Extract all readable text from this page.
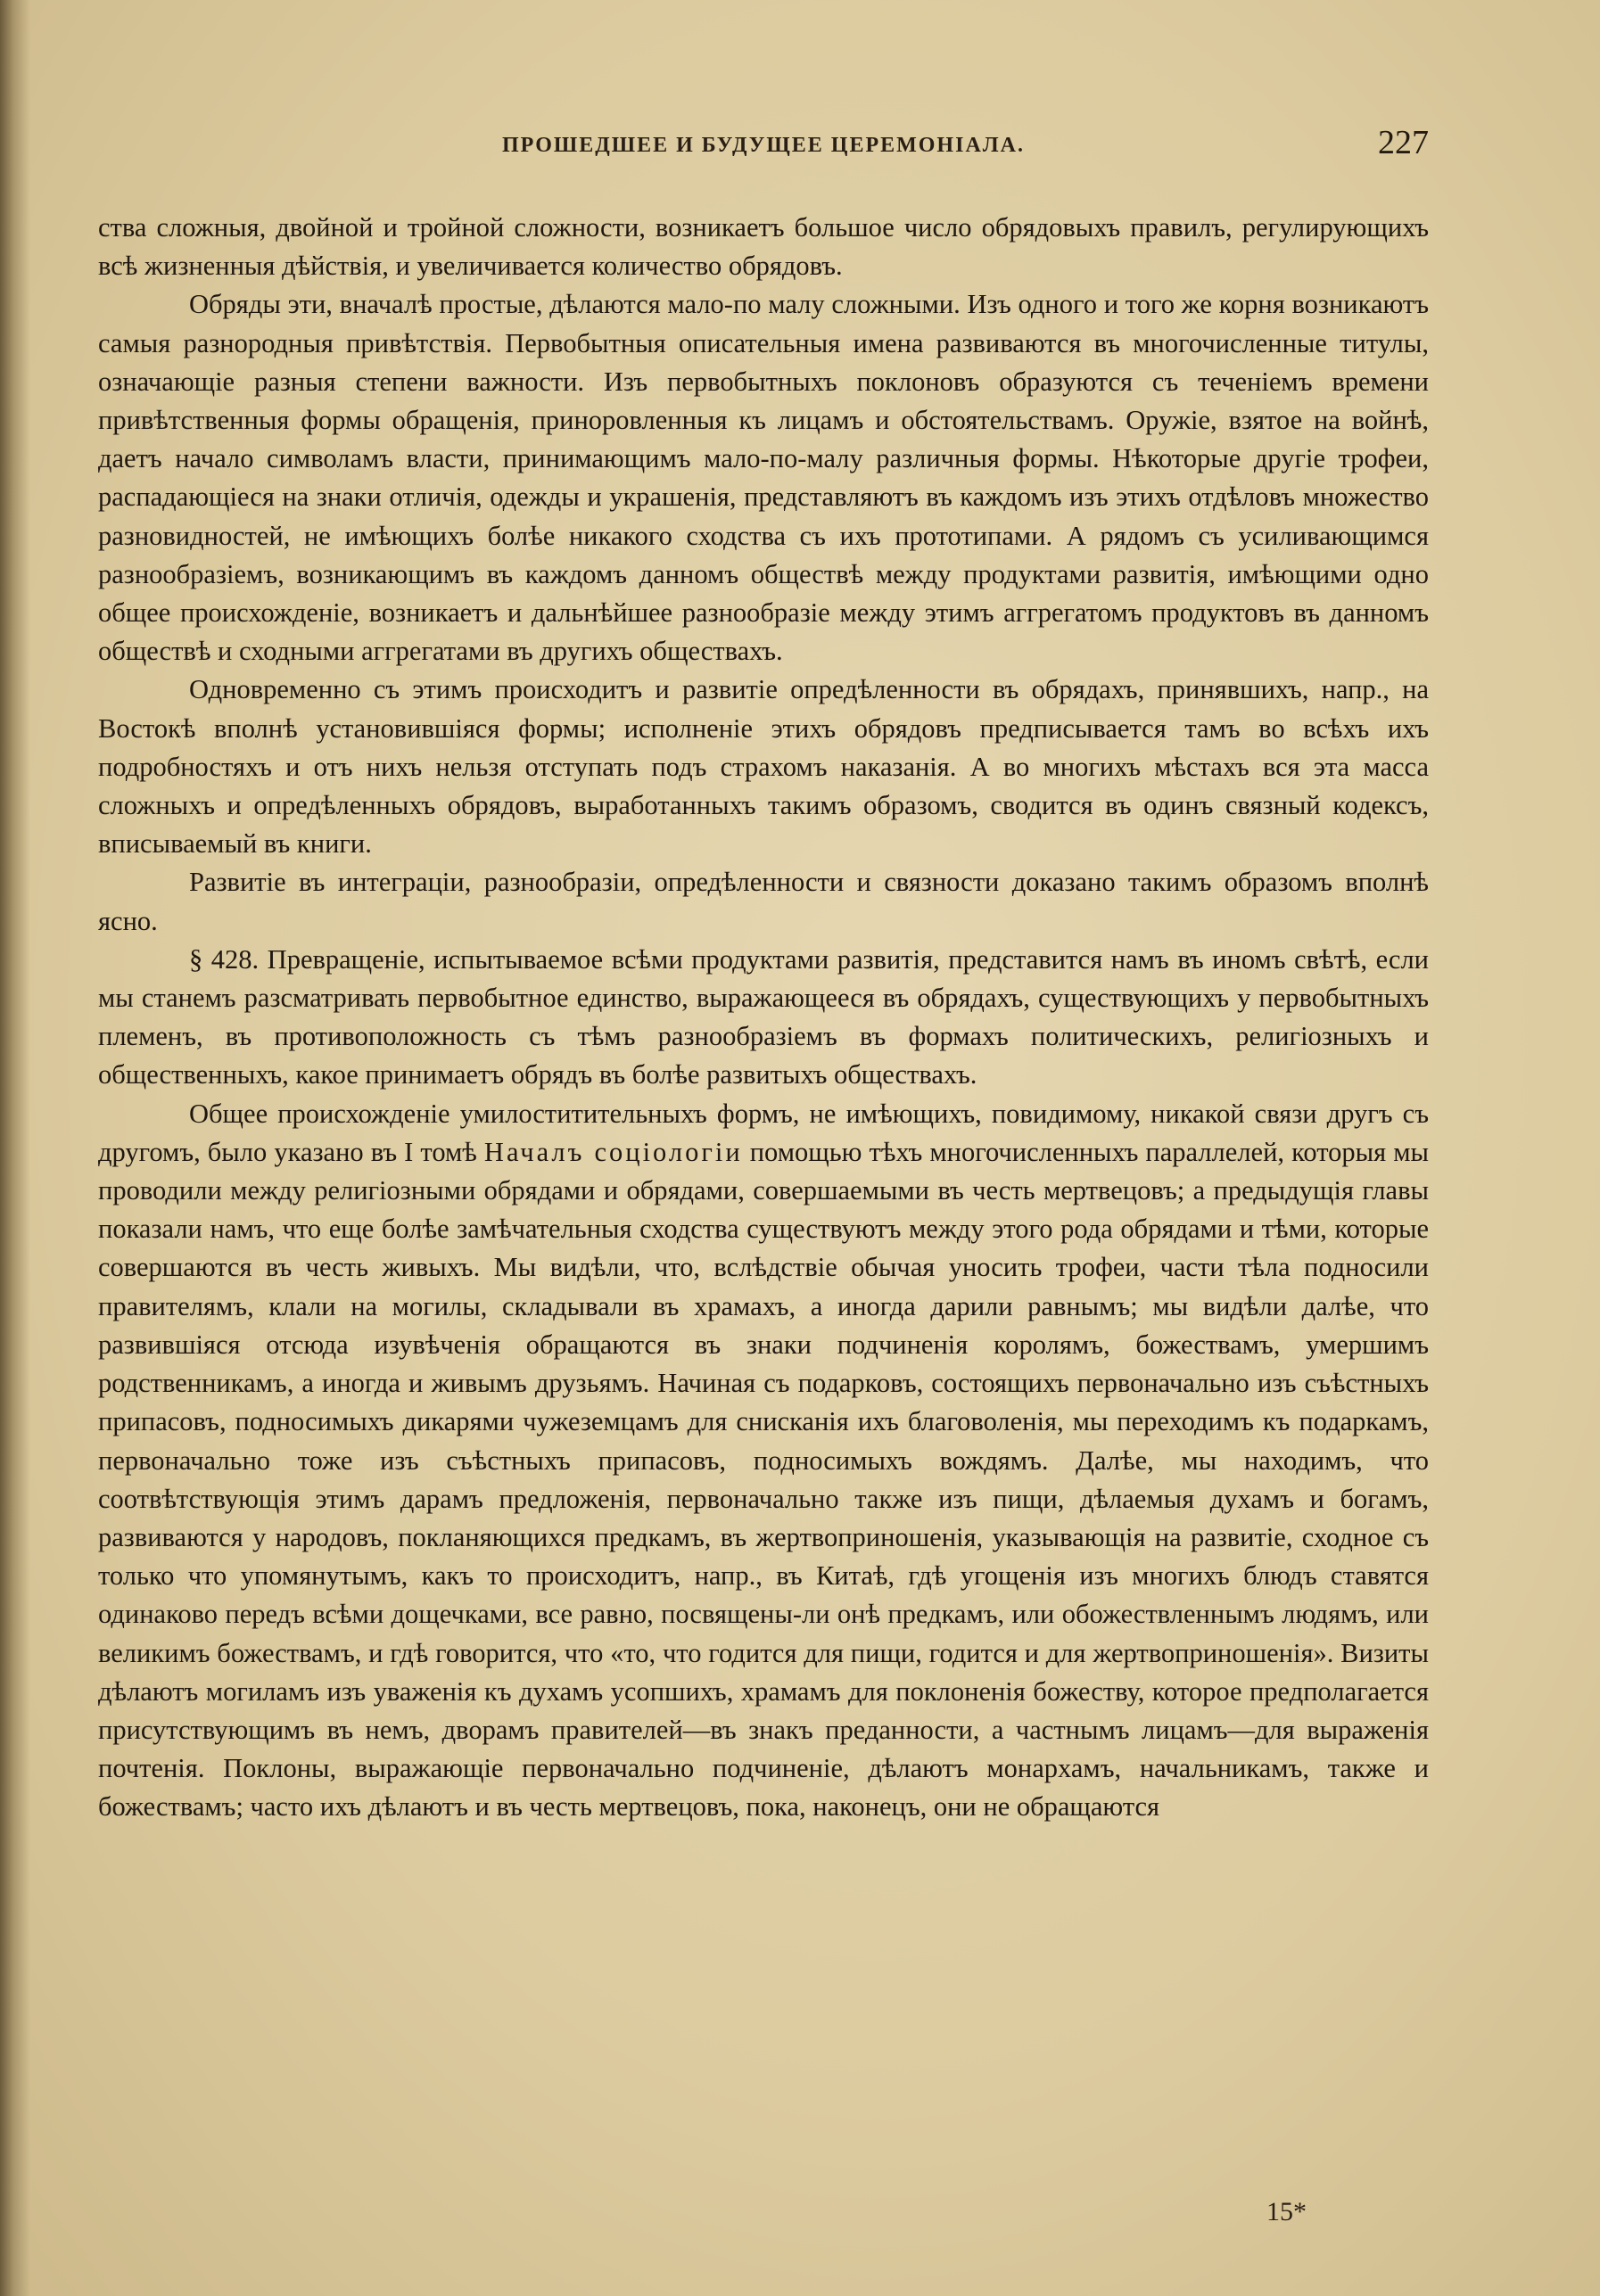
ПРОШЕДШЕЕ И БУДУЩЕЕ ЦЕРЕМОНІАЛА.	227

ства сложныя, двойной и тройной сложности, возникаетъ большое число обрядовыхъ правилъ, регулирующихъ всѣ жизненныя дѣйствія, и увеличивается количество обрядовъ.

Обряды эти, вначалѣ простые, дѣлаются мало-по малу сложными. Изъ одного и того же корня возникаютъ самыя разнородныя привѣтствія. Первобытныя описательныя имена развиваются въ многочисленные титулы, означающіе разныя степени важности. Изъ первобытныхъ поклоновъ образуются съ теченіемъ времени привѣтственныя формы обращенія, приноровленныя къ лицамъ и обстоятельствамъ. Оружіе, взятое на войнѣ, даетъ начало символамъ власти, принимающимъ мало-по-малу различныя формы. Нѣкоторые другіе трофеи, распадающіеся на знаки отличія, одежды и украшенія, представляютъ въ каждомъ изъ этихъ отдѣловъ множество разновидностей, не имѣющихъ болѣе никакого сходства съ ихъ прототипами. А рядомъ съ усиливающимся разнообразіемъ, возникающимъ въ каждомъ данномъ обществѣ между продуктами развитія, имѣющими одно общее происхожденіе, возникаетъ и дальнѣйшее разнообразіе между этимъ аггрегатомъ продуктовъ въ данномъ обществѣ и сходными аггрегатами въ другихъ обществахъ.

Одновременно съ этимъ происходитъ и развитіе опредѣленности въ обрядахъ, принявшихъ, напр., на Востокѣ вполнѣ установившіяся формы; исполненіе этихъ обрядовъ предписывается тамъ во всѣхъ ихъ подробностяхъ и отъ нихъ нельзя отступать подъ страхомъ наказанія. А во многихъ мѣстахъ вся эта масса сложныхъ и опредѣленныхъ обрядовъ, выработанныхъ такимъ образомъ, сводится въ одинъ связный кодексъ, вписываемый въ книги.

Развитіе въ интеграціи, разнообразіи, опредѣленности и связности доказано такимъ образомъ вполнѣ ясно.

§ 428. Превращеніе, испытываемое всѣми продуктами развитія, представится намъ въ иномъ свѣтѣ, если мы станемъ разсматривать первобытное единство, выражающееся въ обрядахъ, существующихъ у первобытныхъ племенъ, въ противоположность съ тѣмъ разнообразіемъ въ формахъ политическихъ, религіозныхъ и общественныхъ, какое принимаетъ обрядъ въ болѣе развитыхъ обществахъ.

Общее происхожденіе умилоститительныхъ формъ, не имѣющихъ, повидимому, никакой связи другъ съ другомъ, было указано въ I томѣ Началъ соціологіи помощью тѣхъ многочисленныхъ параллелей, которыя мы проводили между религіозными обрядами и обрядами, совершаемыми въ честь мертвецовъ; а предыдущія главы показали намъ, что еще болѣе замѣчательныя сходства существуютъ между этого рода обрядами и тѣми, которые совершаются въ честь живыхъ. Мы видѣли, что, вслѣдствіе обычая уносить трофеи, части тѣла подносили правителямъ, клали на могилы, складывали въ храмахъ, а иногда дарили равнымъ; мы видѣли далѣе, что развившіяся отсюда изувѣченія обращаются въ знаки подчиненія королямъ, божествамъ, умершимъ родственникамъ, а иногда и живымъ друзьямъ. Начиная съ подарковъ, состоящихъ первоначально изъ съѣстныхъ припасовъ, подносимыхъ дикарями чужеземцамъ для снисканія ихъ благоволенія, мы переходимъ къ подаркамъ, первоначально тоже изъ съѣстныхъ припасовъ, подносимыхъ вождямъ. Далѣе, мы находимъ, что соотвѣтствующія этимъ дарамъ предложенія, первоначально также изъ пищи, дѣлаемыя духамъ и богамъ, развиваются у народовъ, покланяющихся предкамъ, въ жертвоприношенія, указывающія на развитіе, сходное съ только что упомянутымъ, какъ то происходитъ, напр., въ Китаѣ, гдѣ угощенія изъ многихъ блюдъ ставятся одинаково передъ всѣми дощечками, все равно, посвящены-ли онѣ предкамъ, или обожествленнымъ людямъ, или великимъ божествамъ, и гдѣ говорится, что «то, что годится для пищи, годится и для жертвоприношенія». Визиты дѣлаютъ могиламъ изъ уваженія къ духамъ усопшихъ, храмамъ для поклоненія божеству, которое предполагается присутствующимъ въ немъ, дворамъ правителей—въ знакъ преданности, а частнымъ лицамъ—для выраженія почтенія. Поклоны, выражающіе первоначально подчиненіе, дѣлаютъ монархамъ, начальникамъ, также и божествамъ; часто ихъ дѣлаютъ и въ честь мертвецовъ, пока, наконецъ, они не обращаются

15*
